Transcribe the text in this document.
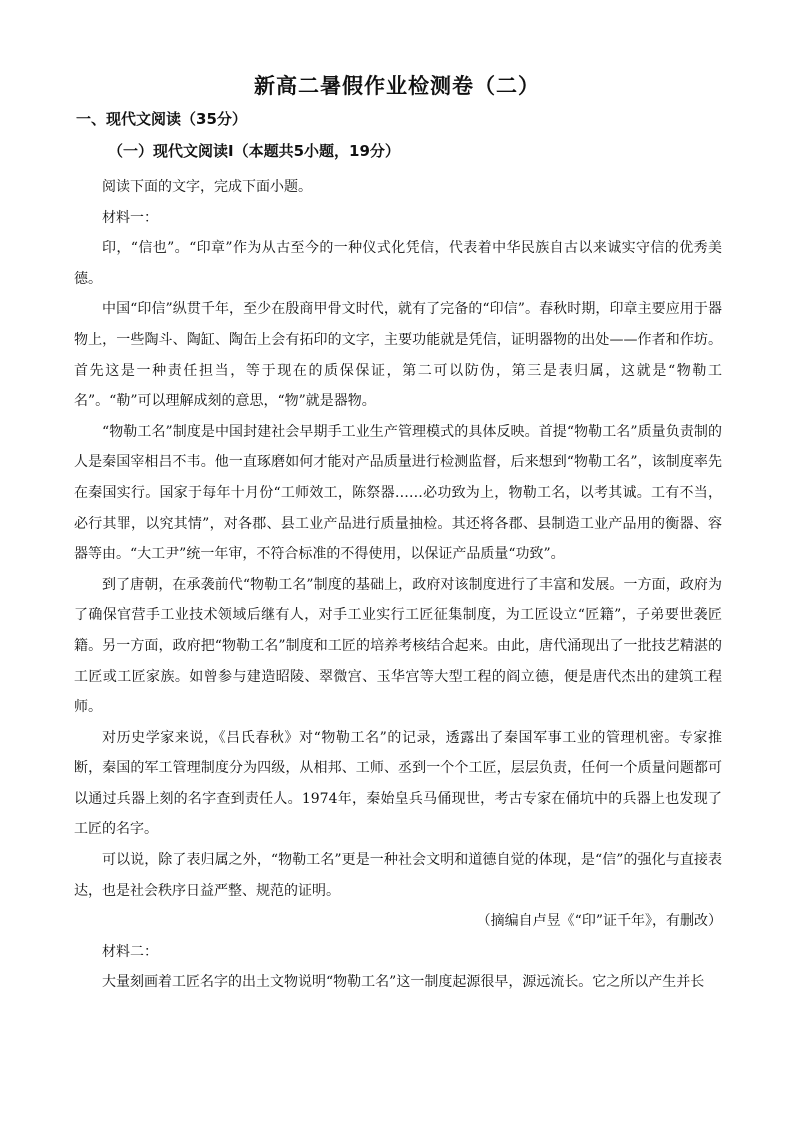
新高二暑假作业检测卷（二）
一、现代文阅读（35分）
（一）现代文阅读Ⅰ（本题共5小题，19分）

阅读下面的文字，完成下面小题。

材料一：

印，“信也”。“印章”作为从古至今的一种仪式化凭信，代表着中华民族自古以来诚实守信的优秀美德。

中国“印信”纵贯千年，至少在殷商甲骨文时代，就有了完备的“印信”。春秋时期，印章主要应用于器物上，一些陶斗、陶缸、陶缶上会有拓印的文字，主要功能就是凭信，证明器物的出处——作者和作坊。首先这是一种责任担当，等于现在的质保保证，第二可以防伪，第三是表归属，这就是“物勒工名”。“勒”可以理解成刻的意思，“物”就是器物。

“物勒工名”制度是中国封建社会早期手工业生产管理模式的具体反映。首提“物勒工名”质量负责制的人是秦国宰相吕不韦。他一直琢磨如何才能对产品质量进行检测监督，后来想到“物勒工名”，该制度率先在秦国实行。国家于每年十月份“工师效工，陈祭器……必功致为上，物勒工名，以考其诚。工有不当，必行其罪，以究其情”，对各郡、县工业产品进行质量抽检。其还将各郡、县制造工业产品用的衡器、容器等由。“大工尹”统一年审，不符合标准的不得使用，以保证产品质量“功致”。

到了唐朝，在承袭前代“物勒工名”制度的基础上，政府对该制度进行了丰富和发展。一方面，政府为了确保官营手工业技术领域后继有人，对手工业实行工匠征集制度，为工匠设立“匠籍”，子弟要世袭匠籍。另一方面，政府把“物勒工名”制度和工匠的培养考核结合起来。由此，唐代涌现出了一批技艺精湛的工匠或工匠家族。如曾参与建造昭陵、翠微宫、玉华宫等大型工程的阎立德，便是唐代杰出的建筑工程师。

对历史学家来说，《吕氏春秋》对“物勒工名”的记录，透露出了秦国军事工业的管理机密。专家推断，秦国的军工管理制度分为四级，从相邦、工师、丞到一个个工匠，层层负责，任何一个质量问题都可以通过兵器上刻的名字查到责任人。1974年，秦始皇兵马俑现世，考古专家在俑坑中的兵器上也发现了工匠的名字。

可以说，除了表归属之外，“物勒工名”更是一种社会文明和道德自觉的体现，是“信”的强化与直接表达，也是社会秩序日益严整、规范的证明。

（摘编自卢昱《“印”证千年》，有删改）

材料二：

大量刻画着工匠名字的出土文物说明“物勒工名”这一制度起源很早，源远流长。它之所以产生并长
